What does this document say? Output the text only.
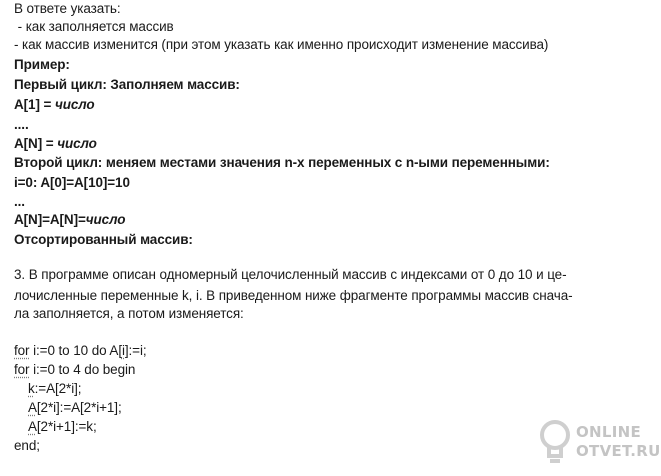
В ответе указать:
- как заполняется массив
- как массив изменится (при этом указать как именно происходит изменение массива)
Пример:
Первый цикл: Заполняем массив:
A[1] = число
....
A[N] = число
Второй цикл: меняем местами значения n-х переменных с n-ыми переменными:
i=0: A[0]=A[10]=10
...
A[N]=A[N]=число
Отсортированный массив:
3. В программе описан одномерный целочисленный массив с индексами от 0 до 10 и це-
лочисленные переменные k, i. В приведенном ниже фрагменте программы массив снача-
ла заполняется, а потом изменяется:
for i:=0 to 10 do A[i]:=i;
for i:=0 to 4 do begin
k:=A[2*i];
A[2*i]:=A[2*i+1];
A[2*i+1]:=k;
end;
ONLINE
OTVET.RU
